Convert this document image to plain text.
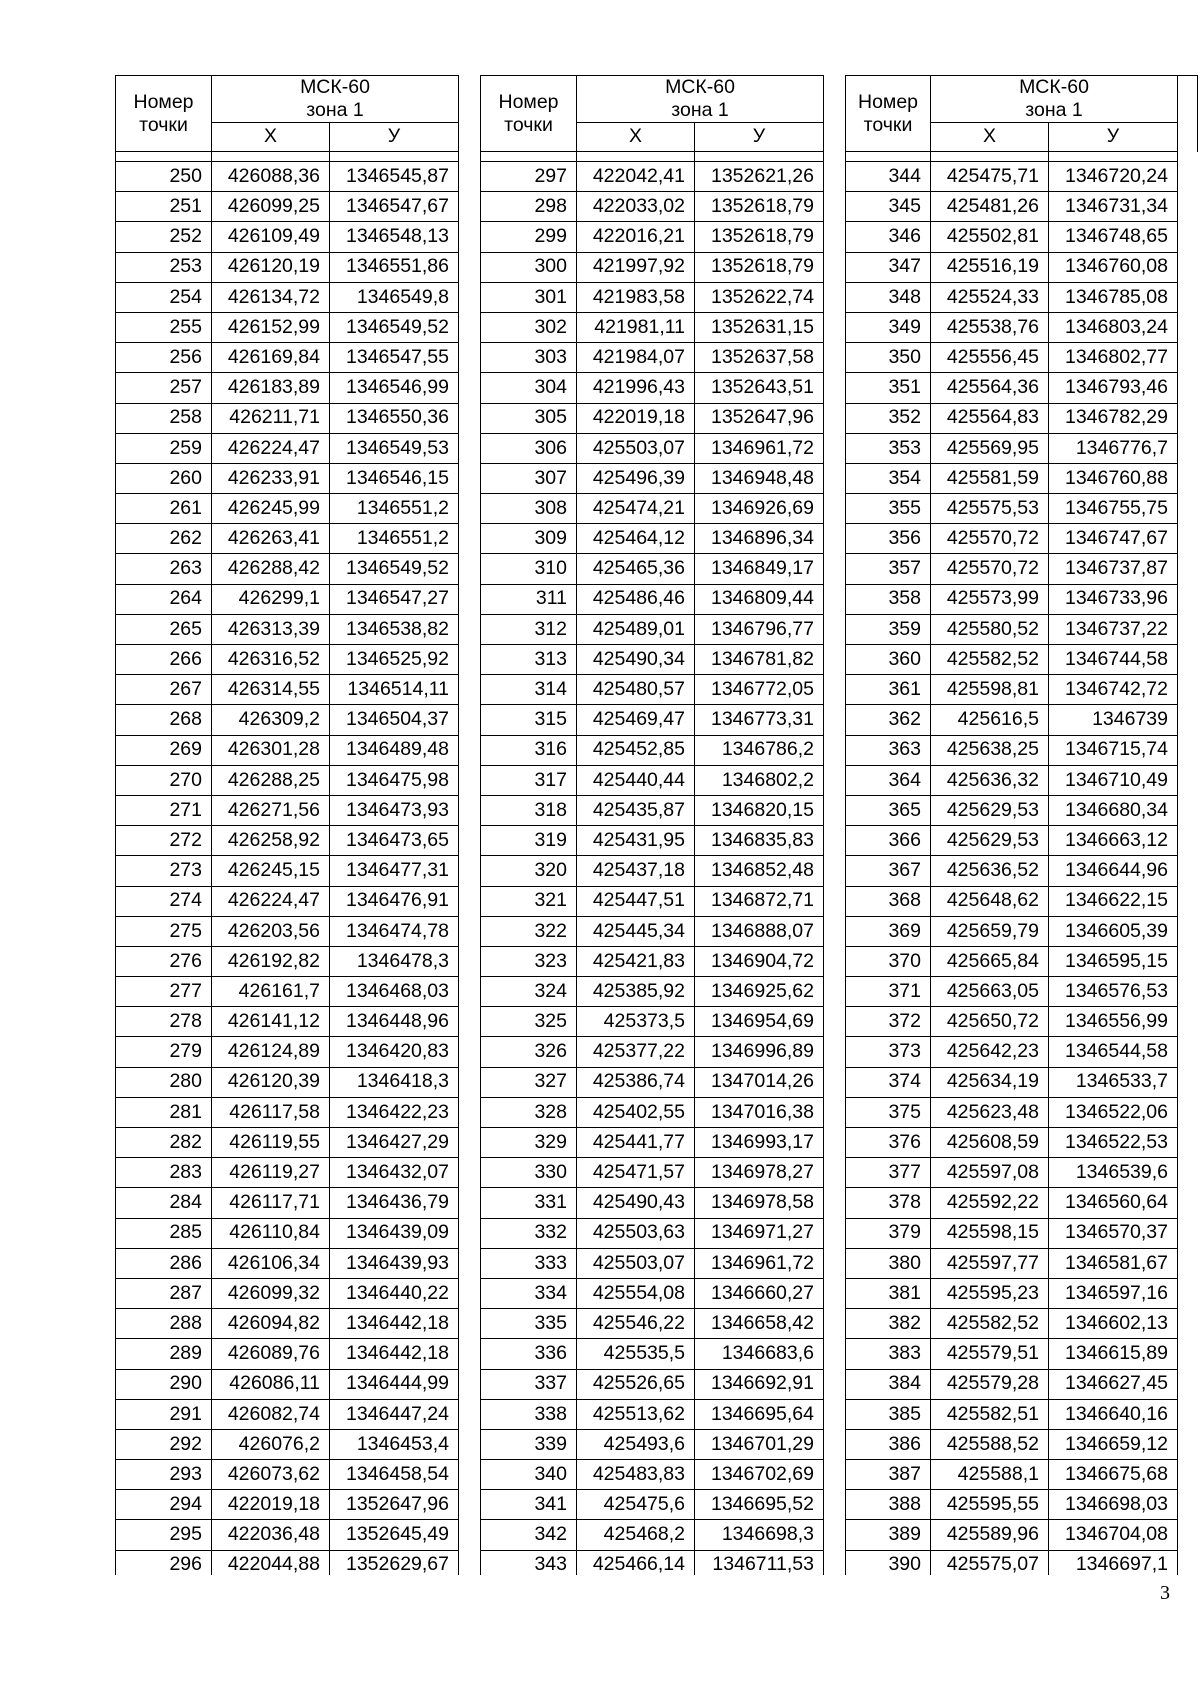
Номер
точки	МСК-60
зона 1	
	X	У

250	426088,36	1346545,87
251	426099,25	1346547,67
252	426109,49	1346548,13
253	426120,19	1346551,86
254	426134,72	1346549,8
255	426152,99	1346549,52
256	426169,84	1346547,55
257	426183,89	1346546,99
258	426211,71	1346550,36
259	426224,47	1346549,53
260	426233,91	1346546,15
261	426245,99	1346551,2
262	426263,41	1346551,2
263	426288,42	1346549,52
264	426299,1	1346547,27
265	426313,39	1346538,82
266	426316,52	1346525,92
267	426314,55	1346514,11
268	426309,2	1346504,37
269	426301,28	1346489,48
270	426288,25	1346475,98
271	426271,56	1346473,93
272	426258,92	1346473,65
273	426245,15	1346477,31
274	426224,47	1346476,91
275	426203,56	1346474,78
276	426192,82	1346478,3
277	426161,7	1346468,03
278	426141,12	1346448,96
279	426124,89	1346420,83
280	426120,39	1346418,3
281	426117,58	1346422,23
282	426119,55	1346427,29
283	426119,27	1346432,07
284	426117,71	1346436,79
285	426110,84	1346439,09
286	426106,34	1346439,93
287	426099,32	1346440,22
288	426094,82	1346442,18
289	426089,76	1346442,18
290	426086,11	1346444,99
291	426082,74	1346447,24
292	426076,2	1346453,4
293	426073,62	1346458,54
294	422019,18	1352647,96
295	422036,48	1352645,49
296	422044,88	1352629,67
Номер
точки	МСК-60
зона 1	
	X	У

297	422042,41	1352621,26
298	422033,02	1352618,79
299	422016,21	1352618,79
300	421997,92	1352618,79
301	421983,58	1352622,74
302	421981,11	1352631,15
303	421984,07	1352637,58
304	421996,43	1352643,51
305	422019,18	1352647,96
306	425503,07	1346961,72
307	425496,39	1346948,48
308	425474,21	1346926,69
309	425464,12	1346896,34
310	425465,36	1346849,17
311	425486,46	1346809,44
312	425489,01	1346796,77
313	425490,34	1346781,82
314	425480,57	1346772,05
315	425469,47	1346773,31
316	425452,85	1346786,2
317	425440,44	1346802,2
318	425435,87	1346820,15
319	425431,95	1346835,83
320	425437,18	1346852,48
321	425447,51	1346872,71
322	425445,34	1346888,07
323	425421,83	1346904,72
324	425385,92	1346925,62
325	425373,5	1346954,69
326	425377,22	1346996,89
327	425386,74	1347014,26
328	425402,55	1347016,38
329	425441,77	1346993,17
330	425471,57	1346978,27
331	425490,43	1346978,58
332	425503,63	1346971,27
333	425503,07	1346961,72
334	425554,08	1346660,27
335	425546,22	1346658,42
336	425535,5	1346683,6
337	425526,65	1346692,91
338	425513,62	1346695,64
339	425493,6	1346701,29
340	425483,83	1346702,69
341	425475,6	1346695,52
342	425468,2	1346698,3
343	425466,14	1346711,53
Номер
точки	МСК-60
зона 1		
	X	У	

344	425475,71	1346720,24	
345	425481,26	1346731,34	
346	425502,81	1346748,65	
347	425516,19	1346760,08	
348	425524,33	1346785,08	
349	425538,76	1346803,24	
350	425556,45	1346802,77	
351	425564,36	1346793,46	
352	425564,83	1346782,29	
353	425569,95	1346776,7	
354	425581,59	1346760,88	
355	425575,53	1346755,75	
356	425570,72	1346747,67	
357	425570,72	1346737,87	
358	425573,99	1346733,96	
359	425580,52	1346737,22	
360	425582,52	1346744,58	
361	425598,81	1346742,72	
362	425616,5	1346739	
363	425638,25	1346715,74	
364	425636,32	1346710,49	
365	425629,53	1346680,34	
366	425629,53	1346663,12	
367	425636,52	1346644,96	
368	425648,62	1346622,15	
369	425659,79	1346605,39	
370	425665,84	1346595,15	
371	425663,05	1346576,53	
372	425650,72	1346556,99	
373	425642,23	1346544,58	
374	425634,19	1346533,7	
375	425623,48	1346522,06	
376	425608,59	1346522,53	
377	425597,08	1346539,6	
378	425592,22	1346560,64	
379	425598,15	1346570,37	
380	425597,77	1346581,67	
381	425595,23	1346597,16	
382	425582,52	1346602,13	
383	425579,51	1346615,89	
384	425579,28	1346627,45	
385	425582,51	1346640,16	
386	425588,52	1346659,12	
387	425588,1	1346675,68	
388	425595,55	1346698,03	
389	425589,96	1346704,08	
390	425575,07	1346697,1	
3
